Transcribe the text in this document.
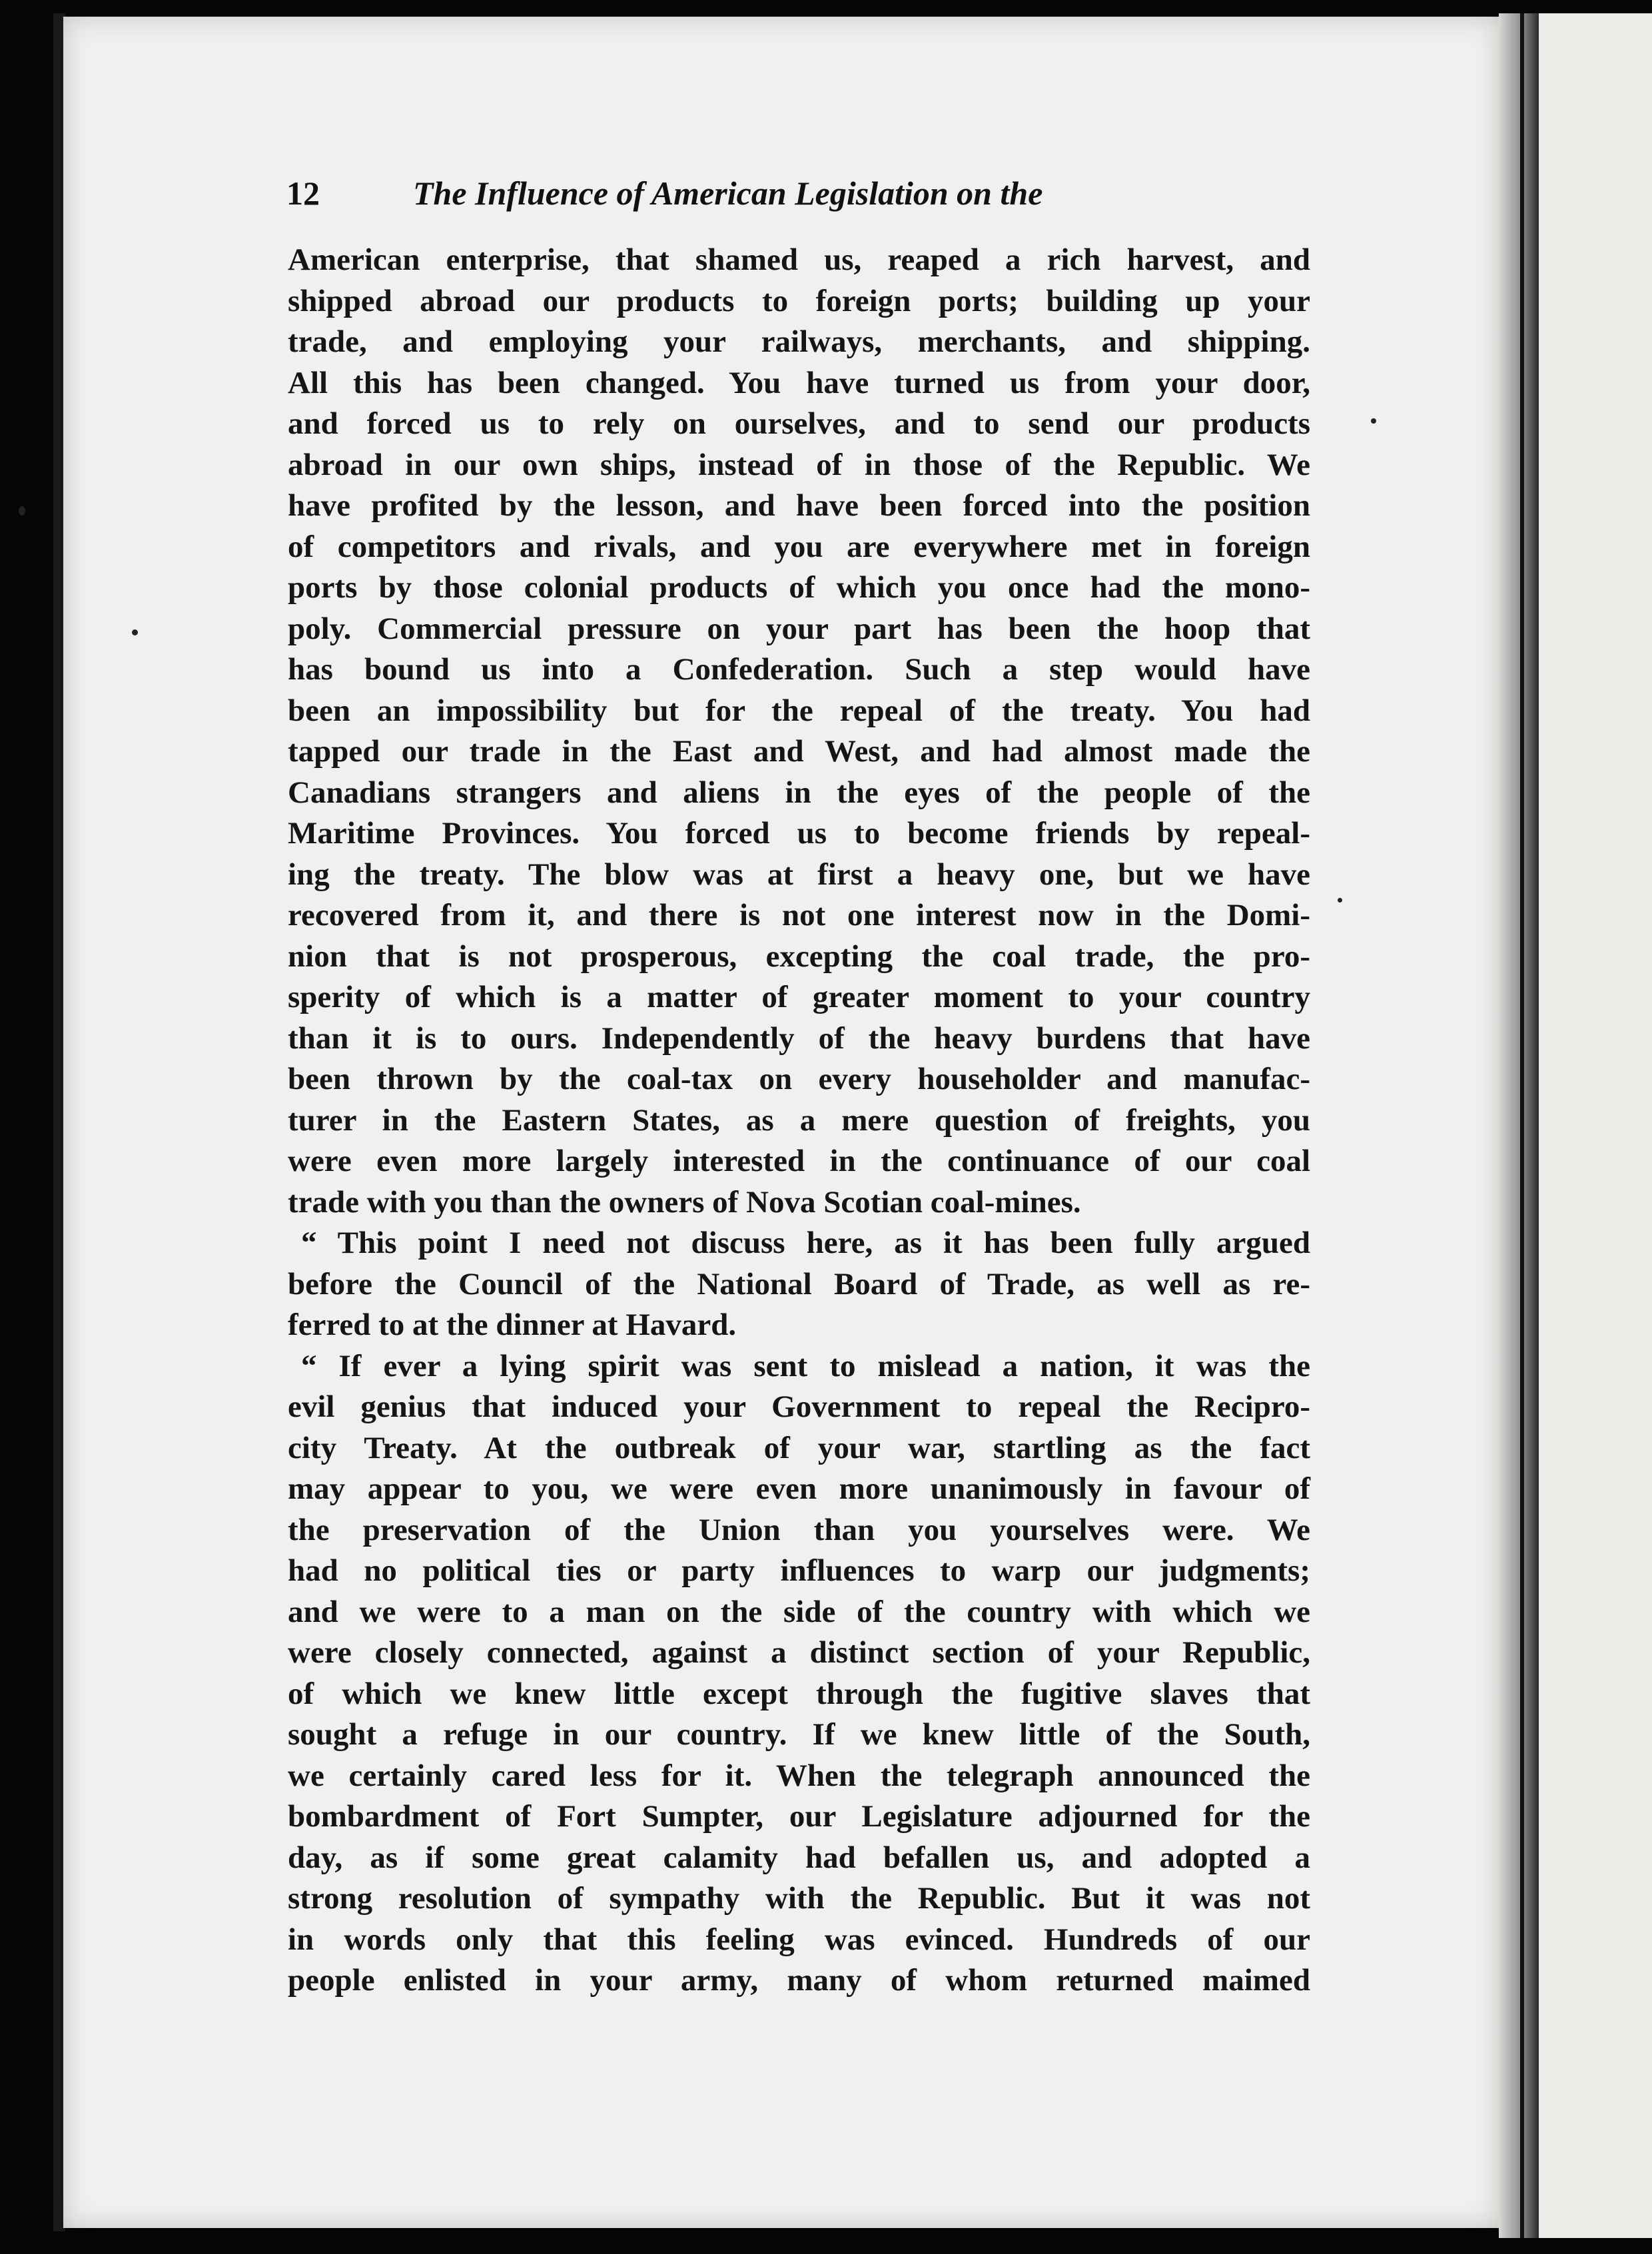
12	The Influence of American Legislation on the
American enterprise, that shamed us, reaped a rich harvest, and
shipped abroad our products to foreign ports; building up your
trade, and employing your railways, merchants, and shipping.
All this has been changed. You have turned us from your door,
and forced us to rely on ourselves, and to send our products
abroad in our own ships, instead of in those of the Republic. We
have profited by the lesson, and have been forced into the position
of competitors and rivals, and you are everywhere met in foreign
ports by those colonial products of which you once had the mono-
poly. Commercial pressure on your part has been the hoop that
has bound us into a Confederation. Such a step would have
been an impossibility but for the repeal of the treaty. You had
tapped our trade in the East and West, and had almost made the
Canadians strangers and aliens in the eyes of the people of the
Maritime Provinces. You forced us to become friends by repeal-
ing the treaty. The blow was at first a heavy one, but we have
recovered from it, and there is not one interest now in the Domi-
nion that is not prosperous, excepting the coal trade, the pro-
sperity of which is a matter of greater moment to your country
than it is to ours. Independently of the heavy burdens that have
been thrown by the coal-tax on every householder and manufac-
turer in the Eastern States, as a mere question of freights, you
were even more largely interested in the continuance of our coal
trade with you than the owners of Nova Scotian coal-mines.
“ This point I need not discuss here, as it has been fully argued
before the Council of the National Board of Trade, as well as re-
ferred to at the dinner at Havard.
“ If ever a lying spirit was sent to mislead a nation, it was the
evil genius that induced your Government to repeal the Recipro-
city Treaty. At the outbreak of your war, startling as the fact
may appear to you, we were even more unanimously in favour of
the preservation of the Union than you yourselves were. We
had no political ties or party influences to warp our judgments;
and we were to a man on the side of the country with which we
were closely connected, against a distinct section of your Republic,
of which we knew little except through the fugitive slaves that
sought a refuge in our country. If we knew little of the South,
we certainly cared less for it. When the telegraph announced the
bombardment of Fort Sumpter, our Legislature adjourned for the
day, as if some great calamity had befallen us, and adopted a
strong resolution of sympathy with the Republic. But it was not
in words only that this feeling was evinced. Hundreds of our
people enlisted in your army, many of whom returned maimed
